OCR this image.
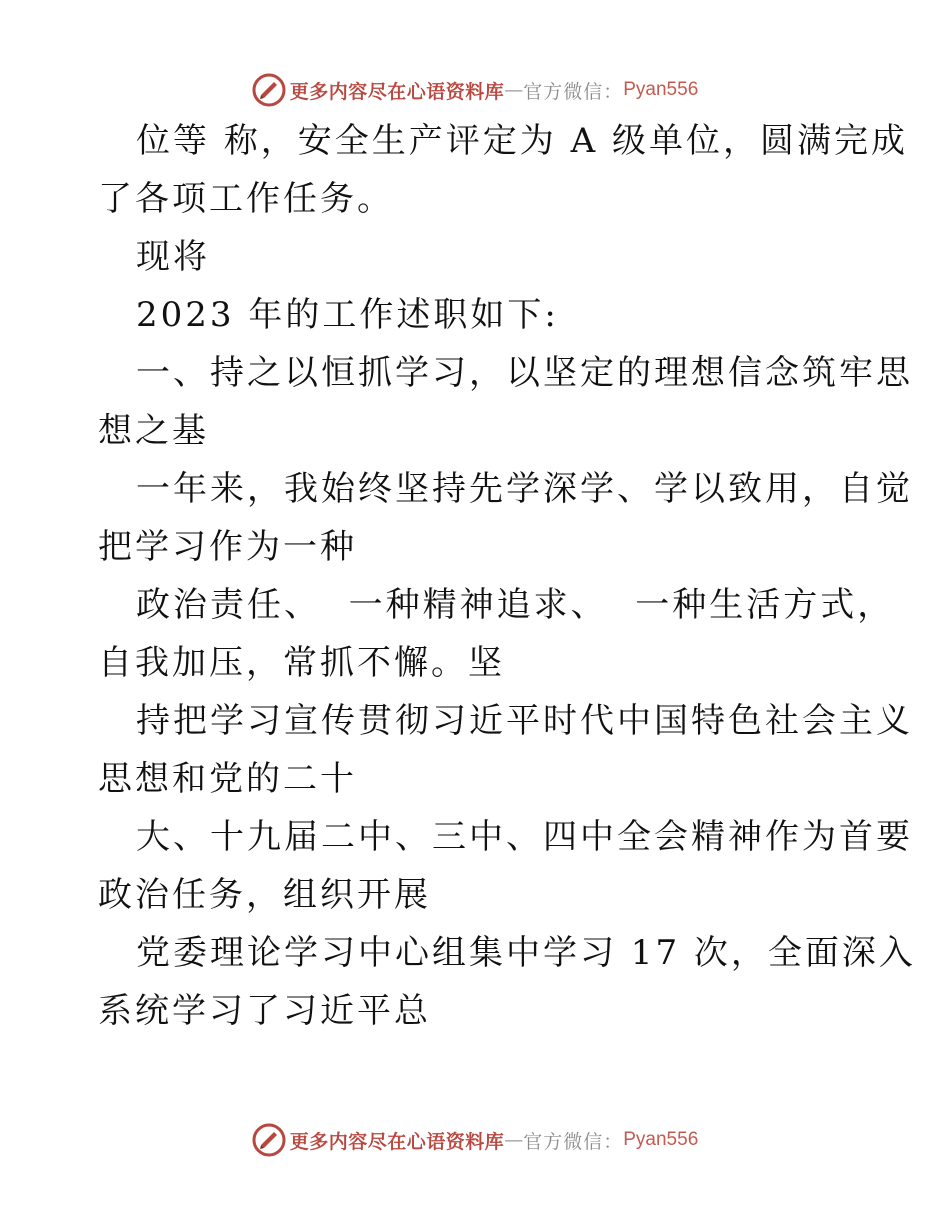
更多内容尽在心语资料库 — 官方微信： Pyan556
位等 称，安全生产评定为 A 级单位，圆满完成
了各项工作任务。
现将
2023 年的工作述职如下:
一、持之以恒抓学习，以坚定的理想信念筑牢思
想之基
一年来，我始终坚持先学深学、学以致用，自觉
把学习作为一种
政治责任、  一种精神追求、  一种生活方式，
自我加压，常抓不懈。坚
持把学习宣传贯彻习近平时代中国特色社会主义
思想和党的二十
大、十九届二中、三中、四中全会精神作为首要
政治任务，组织开展
党委理论学习中心组集中学习 17 次，全面深入
系统学习了习近平总
更多内容尽在心语资料库 — 官方微信： Pyan556
